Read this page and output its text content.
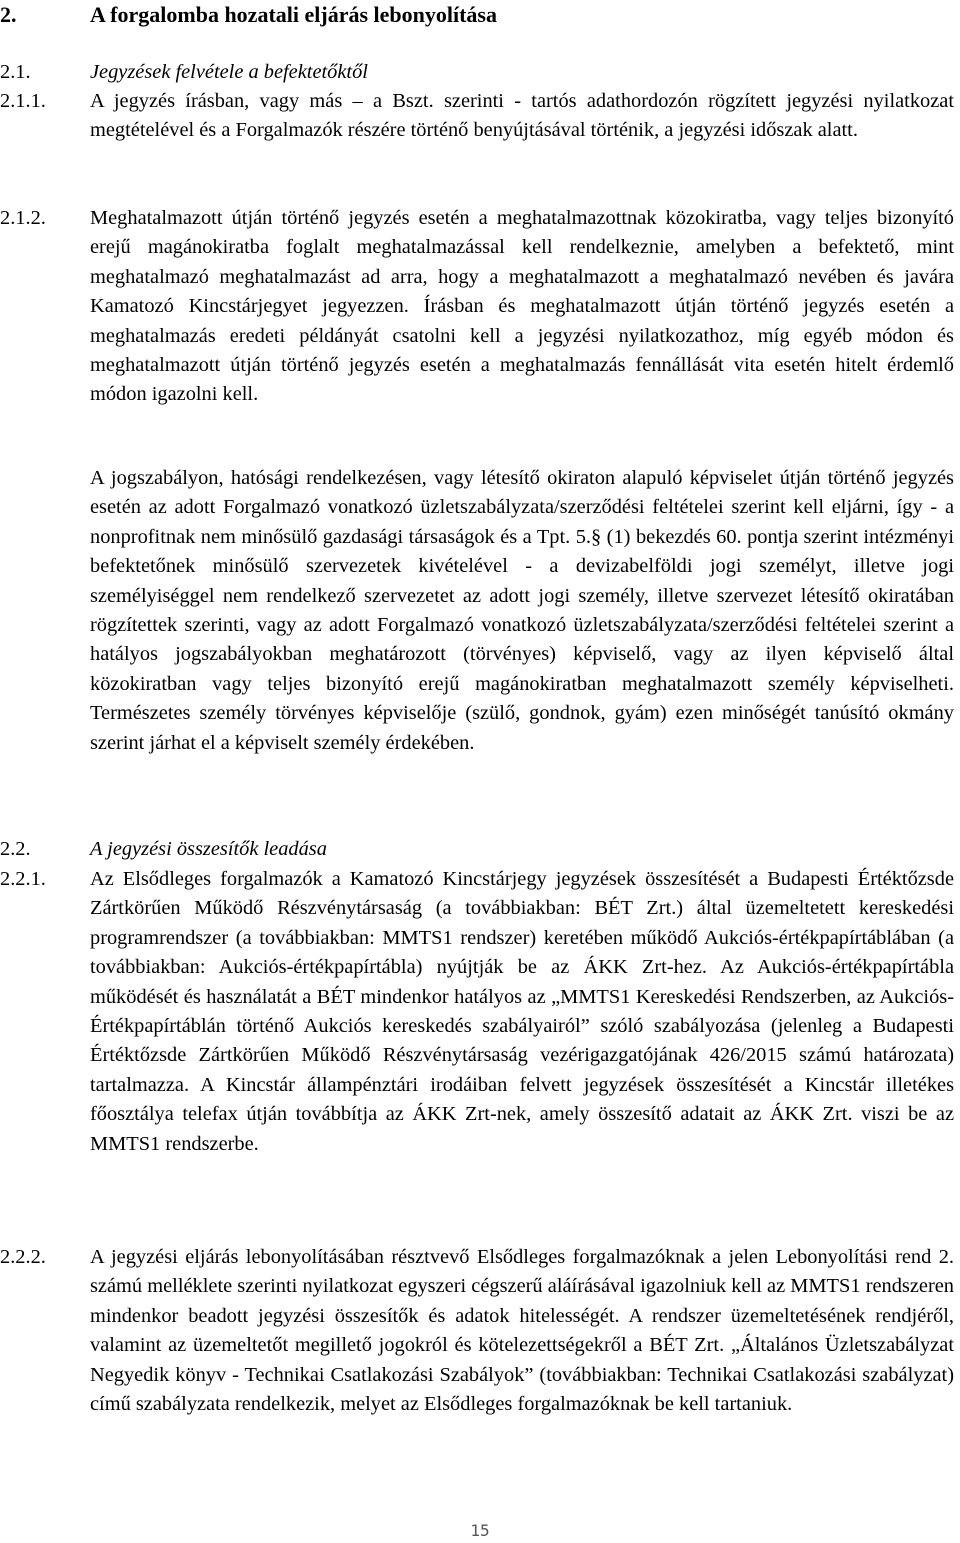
2.	A forgalomba hozatali eljárás lebonyolítása
2.1.	Jegyzések felvétele a befektetőktől
2.1.1. A jegyzés írásban, vagy más – a Bszt. szerinti - tartós adathordozón rögzített jegyzési nyilatkozat megtételével és a Forgalmazók részére történő benyújtásával történik, a jegyzési időszak alatt.
2.1.2. Meghatalmazott útján történő jegyzés esetén a meghatalmazottnak közokiratba, vagy teljes bizonyító erejű magánokiratba foglalt meghatalmazással kell rendelkeznie, amelyben a befektető, mint meghatalmazó meghatalmazást ad arra, hogy a meghatalmazott a meghatalmazó nevében és javára Kamatozó Kincstárjegyet jegyezzen. Írásban és meghatalmazott útján történő jegyzés esetén a meghatalmazás eredeti példányát csatolni kell a jegyzési nyilatkozathoz, míg egyéb módon és meghatalmazott útján történő jegyzés esetén a meghatalmazás fennállását vita esetén hitelt érdemlő módon igazolni kell.
A jogszabályon, hatósági rendelkezésen, vagy létesítő okiraton alapuló képviselet útján történő jegyzés esetén az adott Forgalmazó vonatkozó üzletszabályzata/szerződési feltételei szerint kell eljárni, így - a nonprofitnak nem minősülő gazdasági társaságok és a Tpt. 5.§ (1) bekezdés 60. pontja szerint intézményi befektetőnek minősülő szervezetek kivételével - a devizabelföldi jogi személyt, illetve jogi személyiséggel nem rendelkező szervezetet az adott jogi személy, illetve szervezet létesítő okiratában rögzítettek szerinti, vagy az adott Forgalmazó vonatkozó üzletszabályzata/szerződési feltételei szerint a hatályos jogszabályokban meghatározott (törvényes) képviselő, vagy az ilyen képviselő által közokiratban vagy teljes bizonyító erejű magánokiratban meghatalmazott személy képviselheti. Természetes személy törvényes képviselője (szülő, gondnok, gyám) ezen minőségét tanúsító okmány szerint járhat el a képviselt személy érdekében.
2.2.	A jegyzési összesítők leadása
2.2.1. Az Elsődleges forgalmazók a Kamatozó Kincstárjegy jegyzések összesítését a Budapesti Értéktőzsde Zártkörűen Működő Részvénytársaság (a továbbiakban: BÉT Zrt.) által üzemeltetett kereskedési programrendszer (a továbbiakban: MMTS1 rendszer) keretében működő Aukciós-értékpapírtáblában (a továbbiakban: Aukciós-értékpapírtábla) nyújtják be az ÁKK Zrt-hez. Az Aukciós-értékpapírtábla működését és használatát a BÉT mindenkor hatályos az „MMTS1 Kereskedési Rendszerben, az Aukciós-Értékpapírtáblán történő Aukciós kereskedés szabályairól” szóló szabályozása (jelenleg a Budapesti Értéktőzsde Zártkörűen Működő Részvénytársaság vezérigazgatójának 426/2015 számú határozata) tartalmazza. A Kincstár állampénztári irodáiban felvett jegyzések összesítését a Kincstár illetékes főosztálya telefax útján továbbítja az ÁKK Zrt-nek, amely összesítő adatait az ÁKK Zrt. viszi be az MMTS1 rendszerbe.
2.2.2. A jegyzési eljárás lebonyolításában résztvevő Elsődleges forgalmazóknak a jelen Lebonyolítási rend 2. számú melléklete szerinti nyilatkozat egyszeri cégszerű aláírásával igazolniuk kell az MMTS1 rendszeren mindenkor beadott jegyzési összesítők és adatok hitelességét. A rendszer üzemeltetésének rendjéről, valamint az üzemeltetőt megillető jogokról és kötelezettségekről a BÉT Zrt. „Általános Üzletszabályzat Negyedik könyv - Technikai Csatlakozási Szabályok” (továbbiakban: Technikai Csatlakozási szabályzat) című szabályzata rendelkezik, melyet az Elsődleges forgalmazóknak be kell tartaniuk.
15
